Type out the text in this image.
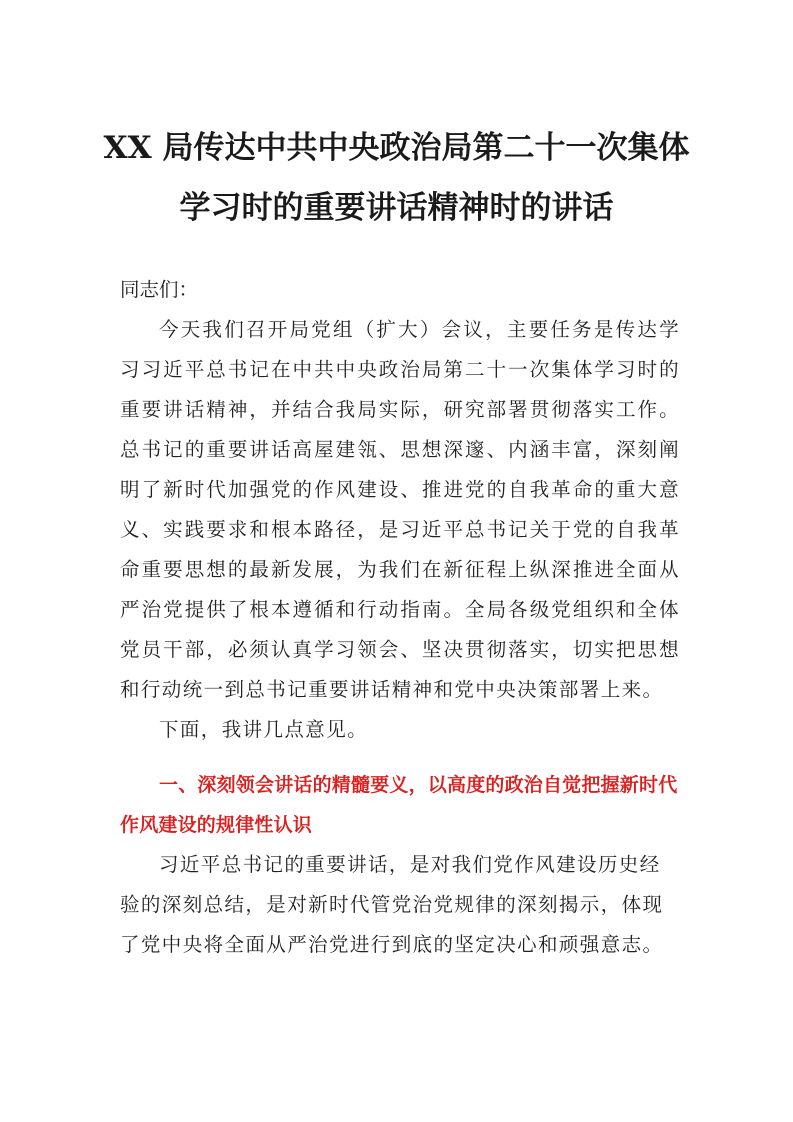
XX 局传达中共中央政治局第二十一次集体
学习时的重要讲话精神时的讲话

同志们：

今天我们召开局党组（扩大）会议，主要任务是传达学习习近平总书记在中共中央政治局第二十一次集体学习时的重要讲话精神，并结合我局实际，研究部署贯彻落实工作。总书记的重要讲话高屋建瓴、思想深邃、内涵丰富，深刻阐明了新时代加强党的作风建设、推进党的自我革命的重大意义、实践要求和根本路径，是习近平总书记关于党的自我革命重要思想的最新发展，为我们在新征程上纵深推进全面从严治党提供了根本遵循和行动指南。全局各级党组织和全体党员干部，必须认真学习领会、坚决贯彻落实，切实把思想和行动统一到总书记重要讲话精神和党中央决策部署上来。

下面，我讲几点意见。

一、深刻领会讲话的精髓要义，以高度的政治自觉把握新时代作风建设的规律性认识

习近平总书记的重要讲话，是对我们党作风建设历史经验的深刻总结，是对新时代管党治党规律的深刻揭示，体现了党中央将全面从严治党进行到底的坚定决心和顽强意志。
